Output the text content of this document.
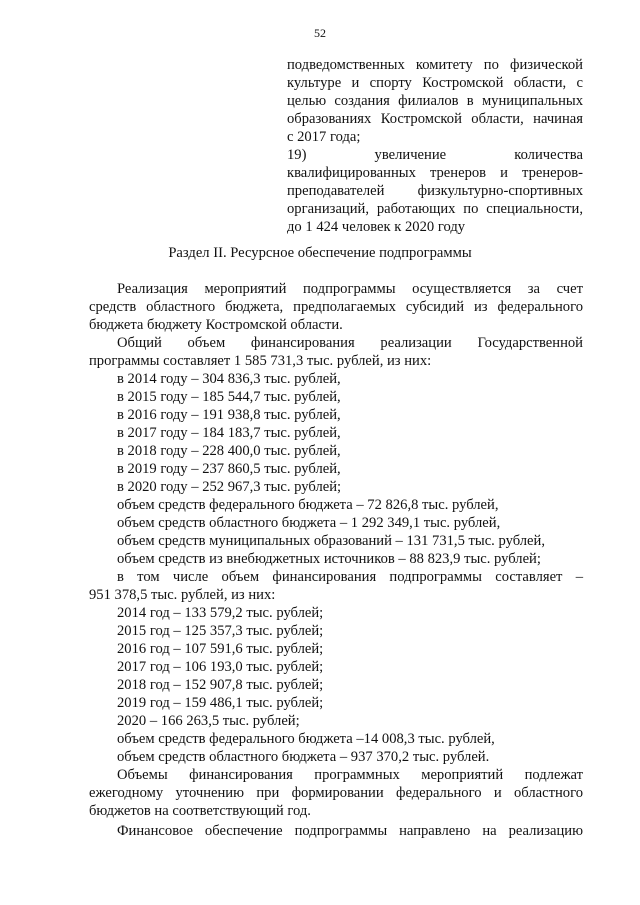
52
подведомственных комитету по физической
культуре и спорту Костромской области, с
целью создания филиалов в муниципальных
образованиях Костромской области, начиная
с 2017 года;
19) увеличение количества
квалифицированных тренеров и тренеров-
преподавателей физкультурно-спортивных
организаций, работающих по специальности,
до 1 424 человек к 2020 году
Раздел II. Ресурсное обеспечение подпрограммы
Реализация мероприятий подпрограммы осуществляется за счет
средств областного бюджета, предполагаемых субсидий из федерального
бюджета бюджету Костромской области.
Общий объем финансирования реализации Государственной
программы составляет 1 585 731,3 тыс. рублей, из них:
в 2014 году – 304 836,3 тыс. рублей,
в 2015 году – 185 544,7 тыс. рублей,
в 2016 году – 191 938,8 тыс. рублей,
в 2017 году – 184 183,7 тыс. рублей,
в 2018 году – 228 400,0 тыс. рублей,
в 2019 году – 237 860,5 тыс. рублей,
в 2020 году – 252 967,3 тыс. рублей;
объем средств федерального бюджета – 72 826,8 тыс. рублей,
объем средств областного бюджета – 1 292 349,1 тыс. рублей,
объем средств муниципальных образований – 131 731,5 тыс. рублей,
объем средств из внебюджетных источников – 88 823,9 тыс. рублей;
в том числе объем финансирования подпрограммы составляет –
951 378,5 тыс. рублей, из них:
2014 год – 133 579,2 тыс. рублей;
2015 год – 125 357,3 тыс. рублей;
2016 год – 107 591,6 тыс. рублей;
2017 год – 106 193,0 тыс. рублей;
2018 год – 152 907,8 тыс. рублей;
2019 год – 159 486,1 тыс. рублей;
2020 – 166 263,5 тыс. рублей;
объем средств федерального бюджета –14 008,3 тыс. рублей,
объем средств областного бюджета – 937 370,2 тыс. рублей.
Объемы финансирования программных мероприятий подлежат
ежегодному уточнению при формировании федерального и областного
бюджетов на соответствующий год.
Финансовое обеспечение подпрограммы направлено на реализацию
